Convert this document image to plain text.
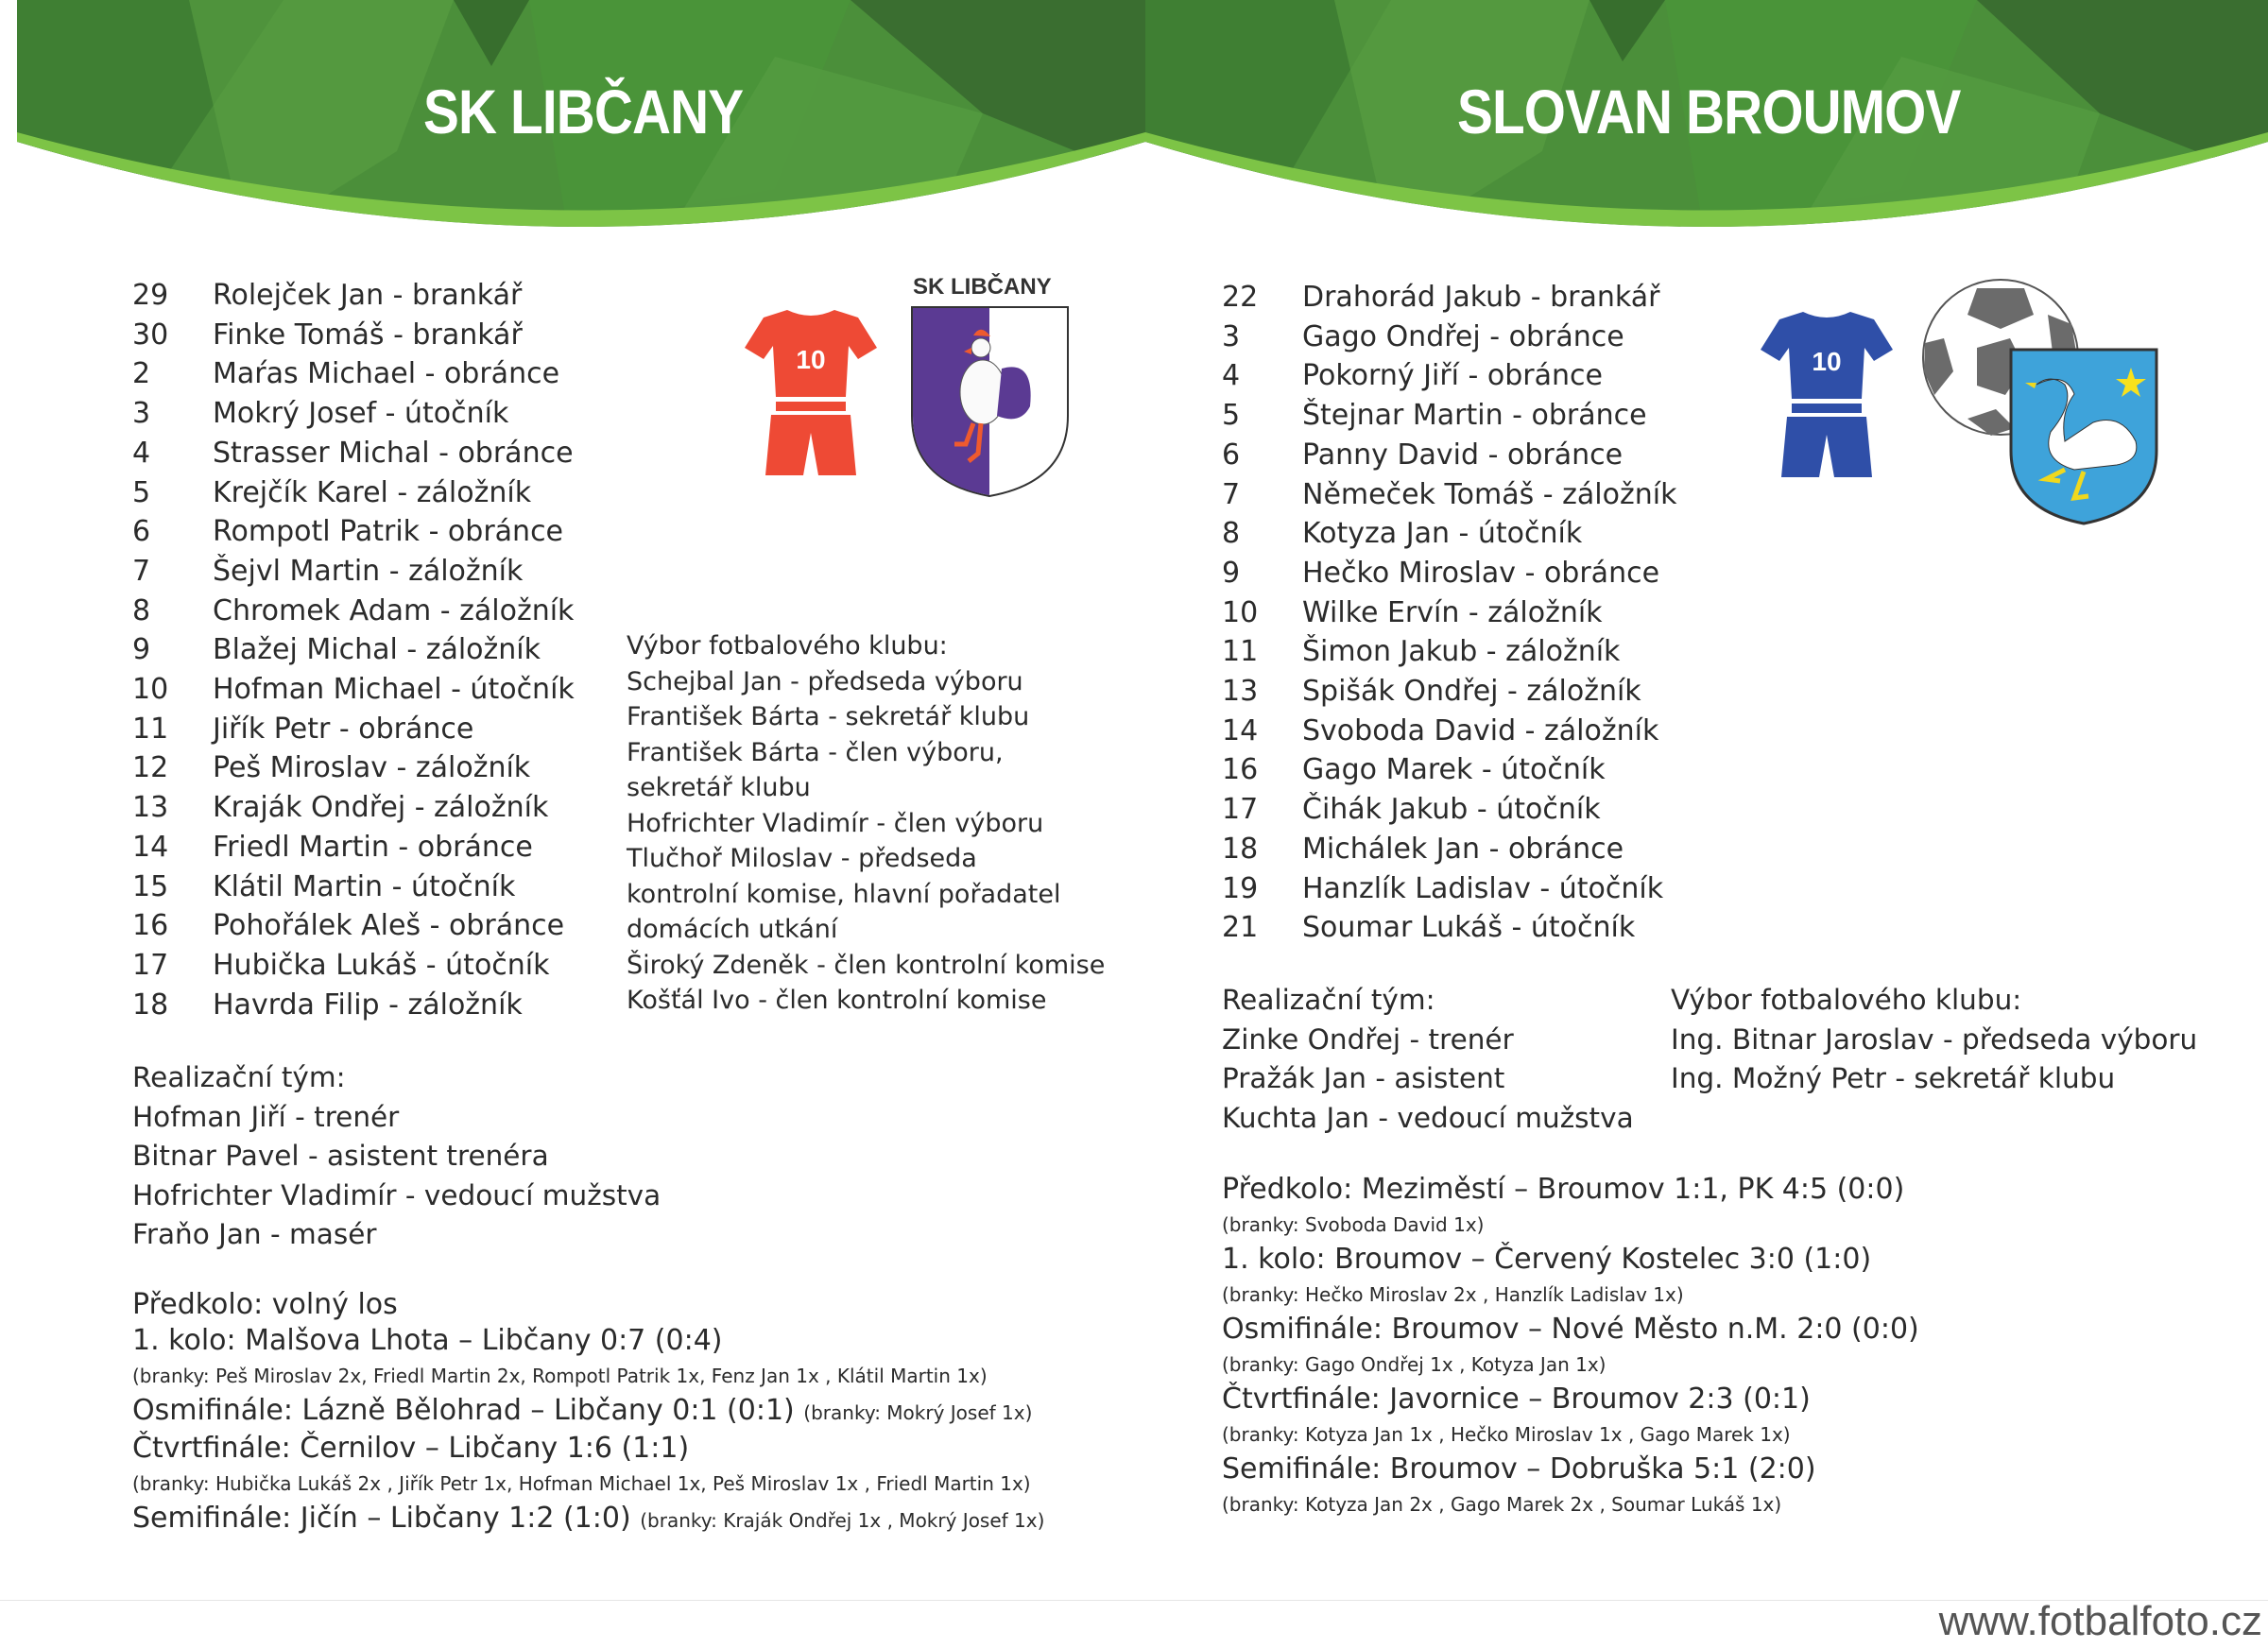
SK LIBČANY	SLOVAN BROUMOV
29	Rolejček Jan - brankář
30	Finke Tomáš - brankář
2	Maŕas Michael - obránce
3	Mokrý Josef - útočník
4	Strasser Michal - obránce
5	Krejčík Karel - záložník
6	Rompotl Patrik - obránce
7	Šejvl Martin - záložník
8	Chromek Adam - záložník
9	Blažej Michal - záložník
10	Hofman Michael - útočník
11	Jiřík Petr - obránce
12	Peš Miroslav - záložník
13	Kraják Ondřej - záložník
14	Friedl Martin - obránce
15	Klátil Martin - útočník
16	Pohořálek Aleš - obránce
17	Hubička Lukáš - útočník
18	Havrda Filip - záložník
10
SK LIBČANY
Výbor fotbalového klubu:
Schejbal Jan - předseda výboru
František Bárta - sekretář klubu
František Bárta - člen výboru,
sekretář klubu
Hofrichter Vladimír - člen výboru
Tlučhoř Miloslav - předseda
kontrolní komise, hlavní pořadatel
domácích utkání
Široký Zdeněk - člen kontrolní komise
Košťál Ivo - člen kontrolní komise
Realizační tým:
Hofman Jiří - trenér
Bitnar Pavel - asistent trenéra
Hofrichter Vladimír - vedoucí mužstva
Fraňo Jan - masér
Předkolo: volný los
1. kolo: Malšova Lhota – Libčany 0:7 (0:4)
(branky: Peš Miroslav 2x, Friedl Martin 2x, Rompotl Patrik 1x, Fenz Jan 1x , Klátil Martin 1x)
Osmifinále: Lázně Bělohrad – Libčany 0:1 (0:1) (branky: Mokrý Josef 1x)
Čtvrtfinále: Černilov – Libčany 1:6 (1:1)
(branky: Hubička Lukáš 2x , Jiřík Petr 1x, Hofman Michael 1x, Peš Miroslav 1x , Friedl Martin 1x)
Semifinále: Jičín – Libčany 1:2 (1:0) (branky: Kraják Ondřej 1x , Mokrý Josef 1x)
22	Drahorád Jakub - brankář
3	Gago Ondřej - obránce
4	Pokorný Jiří - obránce
5	Štejnar Martin - obránce
6	Panny David - obránce
7	Němeček Tomáš - záložník
8	Kotyza Jan - útočník
9	Hečko Miroslav - obránce
10	Wilke Ervín - záložník
11	Šimon Jakub - záložník
13	Spišák Ondřej - záložník
14	Svoboda David - záložník
16	Gago Marek - útočník
17	Čihák Jakub - útočník
18	Michálek Jan - obránce
19	Hanzlík Ladislav - útočník
21	Soumar Lukáš - útočník
10
Realizační tým:
Zinke Ondřej - trenér
Pražák Jan - asistent
Kuchta Jan - vedoucí mužstva
Výbor fotbalového klubu:
Ing. Bitnar Jaroslav - předseda výboru
Ing. Možný Petr - sekretář klubu
Předkolo: Meziměstí – Broumov 1:1, PK 4:5 (0:0)
(branky: Svoboda David 1x)
1. kolo: Broumov – Červený Kostelec 3:0 (1:0)
(branky: Hečko Miroslav 2x , Hanzlík Ladislav 1x)
Osmifinále: Broumov – Nové Město n.M. 2:0 (0:0)
(branky: Gago Ondřej 1x , Kotyza Jan 1x)
Čtvrtfinále: Javornice – Broumov 2:3 (0:1)
(branky: Kotyza Jan 1x , Hečko Miroslav 1x , Gago Marek 1x)
Semifinále: Broumov – Dobruška 5:1 (2:0)
(branky: Kotyza Jan 2x , Gago Marek 2x , Soumar Lukáš 1x)
www.fotbalfoto.cz
